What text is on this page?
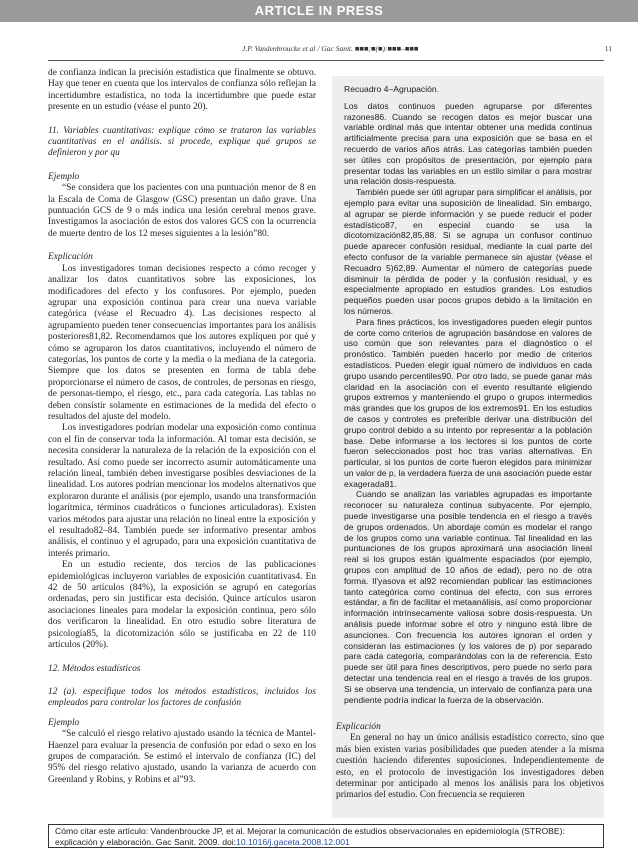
ARTICLE IN PRESS
J.P. Vandenbroucke et al / Gac Sanit. ■■■;■(■):■■■–■■■	11

de confianza indican la precisión estadística que finalmente se obtuvo. Hay que tener en cuenta que los intervalos de confianza sólo reflejan la incertidumbre estadística, no toda la incertidumbre que puede estar presente en un estudio (véase el punto 20).

11. Variables cuantitativas: explique cómo se trataron las variables cuantitativas en el análisis. si procede, explique qué grupos se definieron y por qu

Ejemplo

“Se considera que los pacientes con una puntuación menor de 8 en la Escala de Coma de Glasgow (GSC) presentan un daño grave. Una puntuación GCS de 9 o más indica una lesión cerebral menos grave. Investigamos la asociación de estos dos valores GCS con la ocurrencia de muerte dentro de los 12 meses siguientes a la lesión”80.

Explicación

Los investigadores toman decisiones respecto a cómo recoger y analizar los datos cuantitativos sobre las exposiciones, los modificadores del efecto y los confusores. Por ejemplo, pueden agrupar una exposición continua para crear una nueva variable categórica (véase el Recuadro 4). Las decisiones respecto al agrupamiento pueden tener consecuencias importantes para los análisis posteriores81,82. Recomendamos que los autores expliquen por qué y cómo se agruparon los datos cuantitativos, incluyendo el número de categorías, los puntos de corte y la media o la mediana de la categoría. Siempre que los datos se presenten en forma de tabla debe proporcionarse el número de casos, de controles, de personas en riesgo, de personas-tiempo, el riesgo, etc., para cada categoría. Las tablas no deben consistir solamente en estimaciones de la medida del efecto o resultados del ajuste del modelo.

Los investigadores podrían modelar una exposición como continua con el fin de conservar toda la información. Al tomar esta decisión, se necesita considerar la naturaleza de la relación de la exposición con el resultado. Así como puede ser incorrecto asumir automáticamente una relación lineal, también deben investigarse posibles desviaciones de la linealidad. Los autores podrían mencionar los modelos alternativos que exploraron durante el análisis (por ejemplo, usando una transformación logarítmica, términos cuadráticos o funciones articuladoras). Existen varios métodos para ajustar una relación no lineal entre la exposición y el resultado82–84. También puede ser informativo presentar ambos análisis, el continuo y el agrupado, para una exposición cuantitativa de interés primario.

En un estudio reciente, dos tercios de las publicaciones epidemiológicas incluyeron variables de exposición cuantitativas4. En 42 de 50 artículos (84%), la exposición se agrupó en categorías ordenadas, pero sin justificar esta decisión. Quince artículos usaron asociaciones lineales para modelar la exposición continua, pero sólo dos verificaron la linealidad. En otro estudio sobre literatura de psicología85, la dicotomización sólo se justificaba en 22 de 110 artículos (20%).

12. Métodos estadísticos

12 (a). especifique todos los métodos estadísticos, incluidos los empleados para controlar los factores de confusión

Ejemplo

“Se calculó el riesgo relativo ajustado usando la técnica de Mantel-Haenzel para evaluar la presencia de confusión por edad o sexo en los grupos de comparación. Se estimó el intervalo de confianza (IC) del 95% del riesgo relativo ajustado, usando la varianza de acuerdo con Greenland y Robins, y Robins et al”93.

Recuadro 4–Agrupación.

Los datos continuos pueden agruparse por diferentes razones86. Cuando se recogen datos es mejor buscar una variable ordinal más que intentar obtener una medida continua artificialmente precisa para una exposición que se basa en el recuerdo de varios años atrás. Las categorías también pueden ser útiles con propósitos de presentación, por ejemplo para presentar todas las variables en un estilo similar o para mostrar una relación dosis-respuesta.

También puede ser útil agrupar para simplificar el análisis, por ejemplo para evitar una suposición de linealidad. Sin embargo, al agrupar se pierde información y se puede reducir el poder estadístico87, en especial cuando se usa la dicotomización82,85,88. Si se agrupa un confusor continuo puede aparecer confusión residual, mediante la cual parte del efecto confusor de la variable permanece sin ajustar (véase el Recuadro 5)62,89. Aumentar el número de categorías puede disminuir la pérdida de poder y la confusión residual, y es especialmente apropiado en estudios grandes. Los estudios pequeños pueden usar pocos grupos debido a la limitación en los números.

Para fines prácticos, los investigadores pueden elegir puntos de corte como criterios de agrupación basándose en valores de uso común que son relevantes para el diagnóstico o el pronóstico. También pueden hacerlo por medio de criterios estadísticos. Pueden elegir igual número de individuos en cada grupo usando percentiles90. Por otro lado, se puede ganar más claridad en la asociación con el evento resultante eligiendo grupos extremos y manteniendo el grupo o grupos intermedios más grandes que los grupos de los extremos91. En los estudios de casos y controles es preferible derivar una distribución del grupo control debido a su intento por representar a la población base. Debe informarse a los lectores si los puntos de corte fueron seleccionados post hoc tras varias alternativas. En particular, si los puntos de corte fueron elegidos para minimizar un valor de p, la verdadera fuerza de una asociación puede estar exagerada81.

Cuando se analizan las variables agrupadas es importante reconocer su naturaleza continua subyacente. Por ejemplo, puede investigarse una posible tendencia en el riesgo a través de grupos ordenados. Un abordaje común es modelar el rango de los grupos como una variable continua. Tal linealidad en las puntuaciones de los grupos aproximará una asociación lineal real si los grupos están igualmente espaciados (por ejemplo, grupos con amplitud de 10 años de edad), pero no de otra forma. Il'yasova et al92 recomiendan publicar las estimaciones tanto categórica como continua del efecto, con sus errores estándar, a fin de facilitar el metaanálisis, así como proporcionar información intrínsecamente valiosa sobre dosis-respuesta. Un análisis puede informar sobre el otro y ninguno está libre de asunciones. Con frecuencia los autores ignoran el orden y consideran las estimaciones (y los valores de p) por separado para cada categoría, comparándolas con la de referencia. Esto puede ser útil para fines descriptivos, pero puede no serlo para detectar una tendencia real en el riesgo a través de los grupos. Si se observa una tendencia, un intervalo de confianza para una pendiente podría indicar la fuerza de la observación.

Explicación

En general no hay un único análisis estadístico correcto, sino que más bien existen varias posibilidades que pueden atender a la misma cuestión haciendo diferentes suposiciones. Independientemente de esto, en el protocolo de investigación los investigadores deben determinar por anticipado al menos los análisis para los objetivos primarios del estudio. Con frecuencia se requieren

Cómo citar este artículo: Vandenbroucke JP, et al. Mejorar la comunicación de estudios observacionales en epidemiología (STROBE): explicación y elaboración. Gac Sanit. 2009. doi:10.1016/j.gaceta.2008.12.001
